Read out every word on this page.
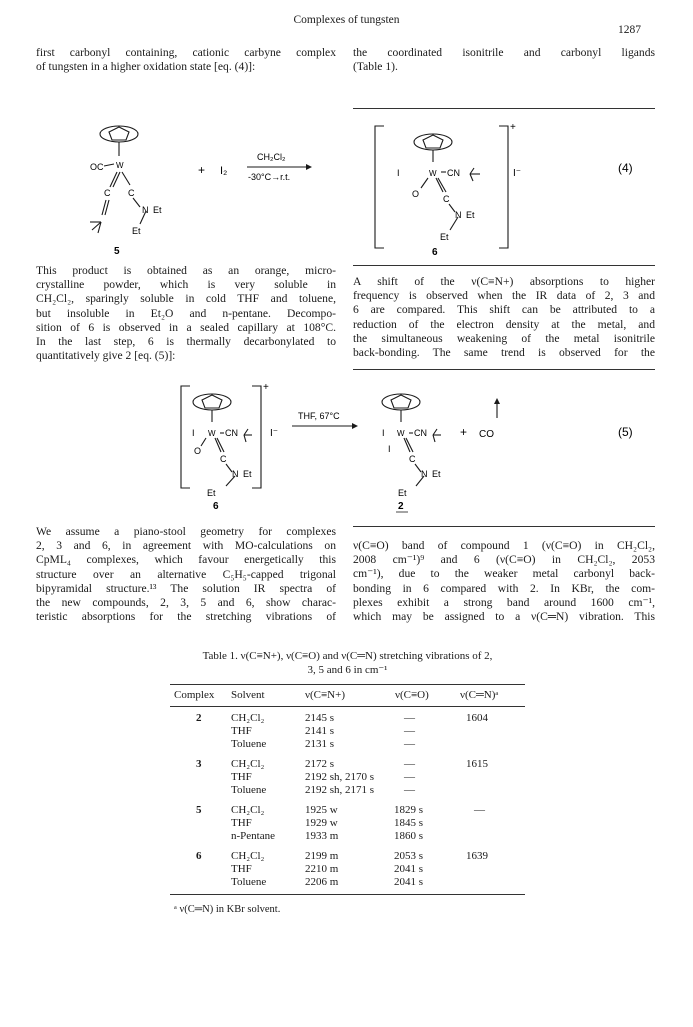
Complexes of tungsten
1287
first carbonyl containing, cationic carbyne complex
of tungsten in a higher oxidation state [eq. (4)]:
the coordinated isonitrile and carbonyl ligands
(Table 1).
OC W
C C
N Et
Et
5
+ I₂
CH₂Cl₂
-30°C→r.t.	I	W CN
O	C
N Et
Et
+
I⁻
6
(4)
This product is obtained as an orange, micro-
crystalline powder, which is very soluble in
CH₂Cl₂, sparingly soluble in cold THF and toluene,
but insoluble in Et₂O and n-pentane. Decompo-
sition of 6 is observed in a sealed capillary at 108°C.
In the last step, 6 is thermally decarbonylated to
quantitatively give 2 [eq. (5)]:
A shift of the ν(C≡N+) absorptions to higher
frequency is observed when the IR data of 2, 3 and
6 are compared. This shift can be attributed to a
reduction of the electron density at the metal, and
the simultaneous weakening of the metal isonitrile
back-bonding. The same trend is observed for the
I W CN
O
C
N Et
Et
+
I⁻
6
THF, 67°C
I W CN
I
C
N Et
Et
2
+ CO	(5)
We assume a piano-stool geometry for complexes
2, 3 and 6, in agreement with MO-calculations on
CpML₄ complexes, which favour energetically this
structure over an alternative C₅H₅-capped trigonal
bipyramidal structure.¹³ The solution IR spectra of
the new compounds, 2, 3, 5 and 6, show charac-
teristic absorptions for the stretching vibrations of
ν(C≡O) band of compound 1 (ν(C≡O) in CH₂Cl₂,
2008 cm⁻¹)⁹ and 6 (ν(C≡O) in CH₂Cl₂, 2053
cm⁻¹), due to the weaker metal carbonyl back-
bonding in 6 compared with 2. In KBr, the com-
plexes exhibit a strong band around 1600 cm⁻¹,
which may be assigned to a ν(C═N) vibration. This
Table 1. ν(C≡N+), ν(C≡O) and ν(C═N) stretching vibrations of 2,
3, 5 and 6 in cm⁻¹
Complex Solvent	ν(C≡N+)	ν(C≡O)	ν(C═N)ᵃ
2	CH₂Cl₂	2145 s	—	1604
THF	2141 s	—
Toluene	2131 s	—
3	CH₂Cl₂	2172 s	—	1615
THF	2192 sh, 2170 s	—
Toluene	2192 sh, 2171 s	—
5	CH₂Cl₂	1925 w	1829 s	—
THF	1929 w	1845 s
n-Pentane	1933 m	1860 s
6	CH₂Cl₂	2199 m	2053 s	1639
THF	2210 m	2041 s
Toluene	2206 m	2041 s
ᵃ ν(C═N) in KBr solvent.
